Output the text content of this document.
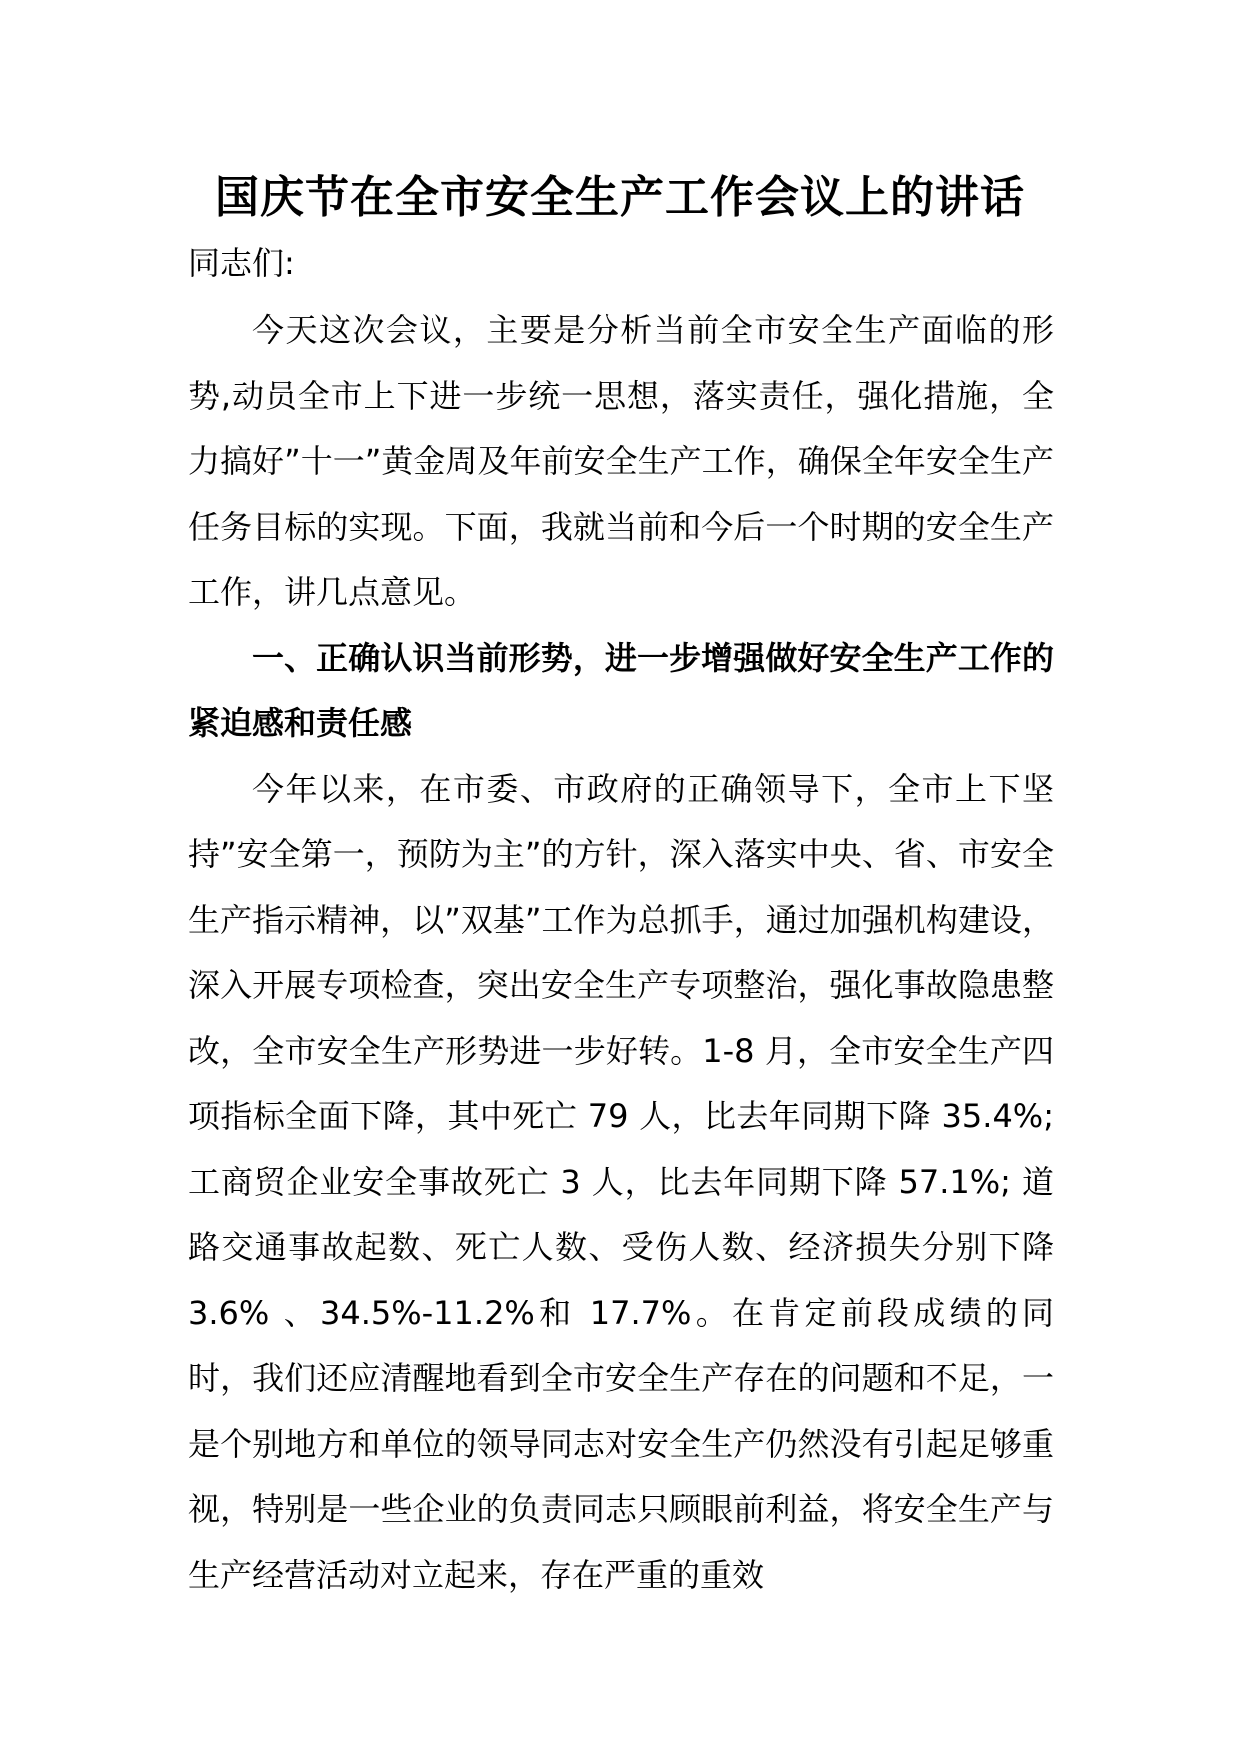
国庆节在全市安全生产工作会议上的讲话

同志们:

今天这次会议，主要是分析当前全市安全生产面临的形势,动员全市上下进一步统一思想，落实责任，强化措施，全力搞好”十一”黄金周及年前安全生产工作，确保全年安全生产任务目标的实现。下面，我就当前和今后一个时期的安全生产工作，讲几点意见。

一、正确认识当前形势，进一步增强做好安全生产工作的紧迫感和责任感

今年以来，在市委、市政府的正确领导下，全市上下坚持”安全第一，预防为主”的方针，深入落实中央、省、市安全生产指示精神，以”双基”工作为总抓手，通过加强机构建设，深入开展专项检查，突出安全生产专项整治，强化事故隐患整改，全市安全生产形势进一步好转。1-8 月，全市安全生产四项指标全面下降，其中死亡 79 人，比去年同期下降 35.4%; 工商贸企业安全事故死亡 3 人，比去年同期下降 57.1%; 道路交通事故起数、死亡人数、受伤人数、经济损失分别下降 3.6% 、34.5%-11.2%和 17.7%。在肯定前段成绩的同时，我们还应清醒地看到全市安全生产存在的问题和不足，一是个别地方和单位的领导同志对安全生产仍然没有引起足够重视，特别是一些企业的负责同志只顾眼前利益，将安全生产与生产经营活动对立起来，存在严重的重效
